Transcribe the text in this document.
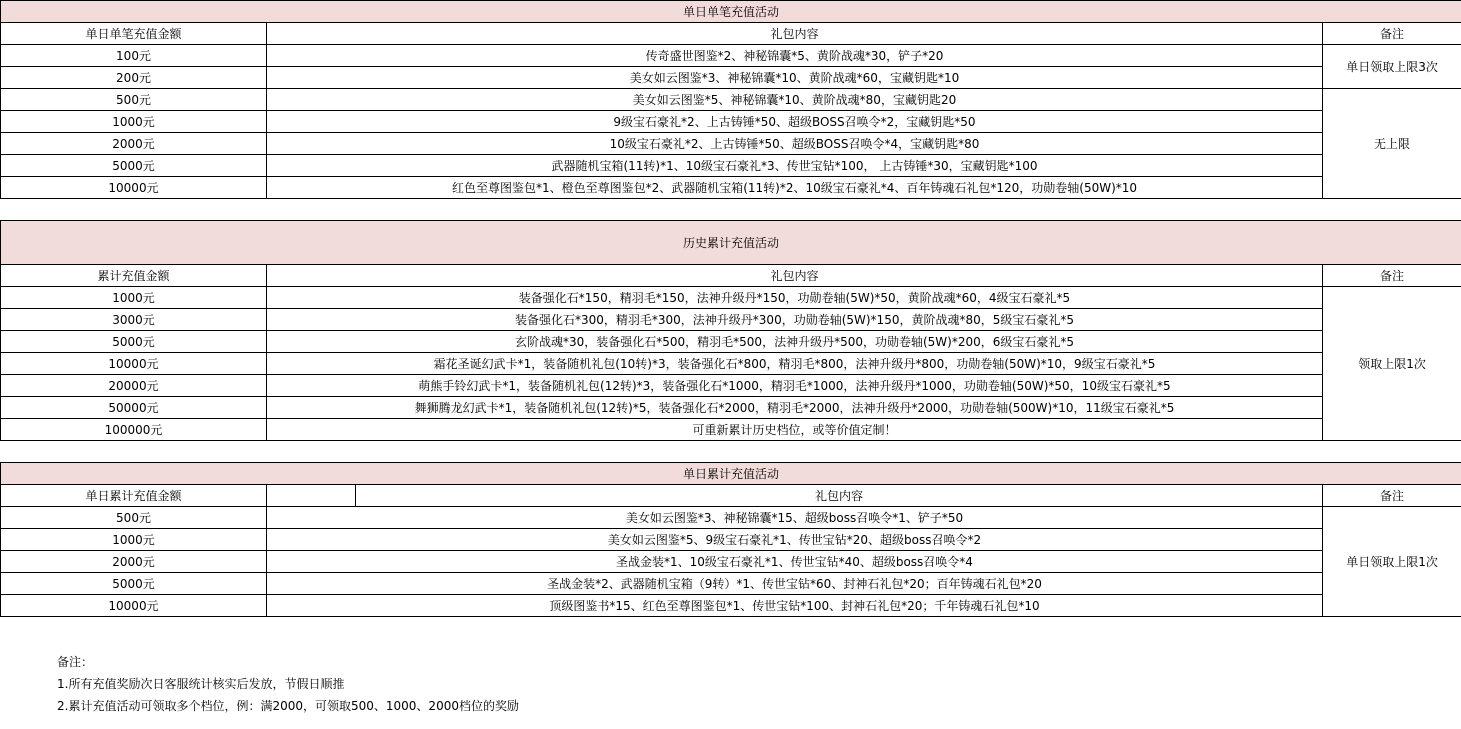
单日单笔充值活动		
单日单笔充值金额	礼包内容	备注
100元	传奇盛世图鉴*2、神秘锦囊*5、黄阶战魂*30，铲子*20	单日领取上限3次
200元	美女如云图鉴*3、神秘锦囊*10、黄阶战魂*60，宝藏钥匙*10	
500元	美女如云图鉴*5、神秘锦囊*10、黄阶战魂*80，宝藏钥匙20	无上限
1000元	9级宝石豪礼*2、上古铸锤*50、超级BOSS召唤令*2，宝藏钥匙*50	
2000元	10级宝石豪礼*2、上古铸锤*50、超级BOSS召唤令*4，宝藏钥匙*80	
5000元	武器随机宝箱(11转)*1、10级宝石豪礼*3、传世宝钻*100， 上古铸锤*30，宝藏钥匙*100	
10000元	红色至尊图鉴包*1、橙色至尊图鉴包*2、武器随机宝箱(11转)*2、10级宝石豪礼*4、百年铸魂石礼包*120，功勋卷轴(50W)*10	
历史累计充值活动		
累计充值金额	礼包内容	备注
1000元	装备强化石*150，精羽毛*150，法神升级丹*150，功勋卷轴(5W)*50，黄阶战魂*60，4级宝石豪礼*5	领取上限1次
3000元	装备强化石*300，精羽毛*300，法神升级丹*300，功勋卷轴(5W)*150，黄阶战魂*80，5级宝石豪礼*5	
5000元	玄阶战魂*30，装备强化石*500，精羽毛*500，法神升级丹*500，功勋卷轴(5W)*200，6级宝石豪礼*5	
10000元	霜花圣诞幻武卡*1，装备随机礼包(10转)*3，装备强化石*800，精羽毛*800，法神升级丹*800，功勋卷轴(50W)*10，9级宝石豪礼*5	
20000元	萌熊手铃幻武卡*1，装备随机礼包(12转)*3，装备强化石*1000，精羽毛*1000，法神升级丹*1000，功勋卷轴(50W)*50，10级宝石豪礼*5	
50000元	舞狮腾龙幻武卡*1，装备随机礼包(12转)*5，装备强化石*2000，精羽毛*2000，法神升级丹*2000，功勋卷轴(500W)*10，11级宝石豪礼*5	
100000元	可重新累计历史档位，或等价值定制！	
单日累计充值活动			
单日累计充值金额		礼包内容	备注
500元	美女如云图鉴*3、神秘锦囊*15、超级boss召唤令*1、铲子*50		单日领取上限1次
1000元	美女如云图鉴*5、9级宝石豪礼*1、传世宝钻*20、超级boss召唤令*2		
2000元	圣战金装*1、10级宝石豪礼*1、传世宝钻*40、超级boss召唤令*4		
5000元	圣战金装*2、武器随机宝箱（9转）*1、传世宝钻*60、封神石礼包*20；百年铸魂石礼包*20		
10000元	顶级图鉴书*15、红色至尊图鉴包*1、传世宝钻*100、封神石礼包*20；千年铸魂石礼包*10		
备注：
1.所有充值奖励次日客服统计核实后发放，节假日顺推
2.累计充值活动可领取多个档位，例：满2000，可领取500、1000、2000档位的奖励
